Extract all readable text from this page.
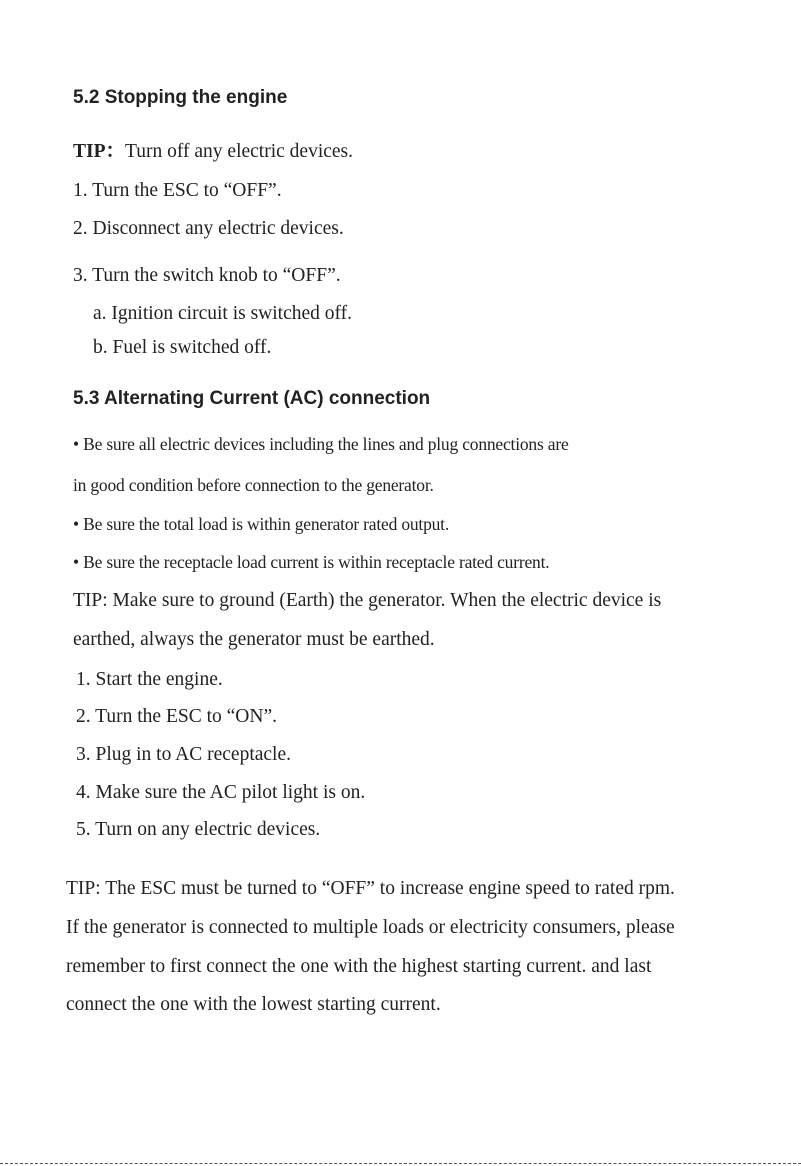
5.2 Stopping the engine
TIP：Turn off any electric devices.
1. Turn the ESC to “OFF”.
2. Disconnect any electric devices.
3. Turn the switch knob to “OFF”.
a. Ignition circuit is switched off.
b. Fuel is switched off.
5.3 Alternating Current (AC) connection
• Be sure all electric devices including the lines and plug connections are
in good condition before connection to the generator.
• Be sure the total load is within generator rated output.
• Be sure the receptacle load current is within receptacle rated current.
TIP: Make sure to ground (Earth) the generator. When the electric device is
earthed, always the generator must be earthed.
1. Start the engine.
2. Turn the ESC to “ON”.
3. Plug in to AC receptacle.
4. Make sure the AC pilot light is on.
5. Turn on any electric devices.
TIP: The ESC must be turned to “OFF” to increase engine speed to rated rpm.
If the generator is connected to multiple loads or electricity consumers, please
remember to first connect the one with the highest starting current. and last
connect the one with the lowest starting current.
